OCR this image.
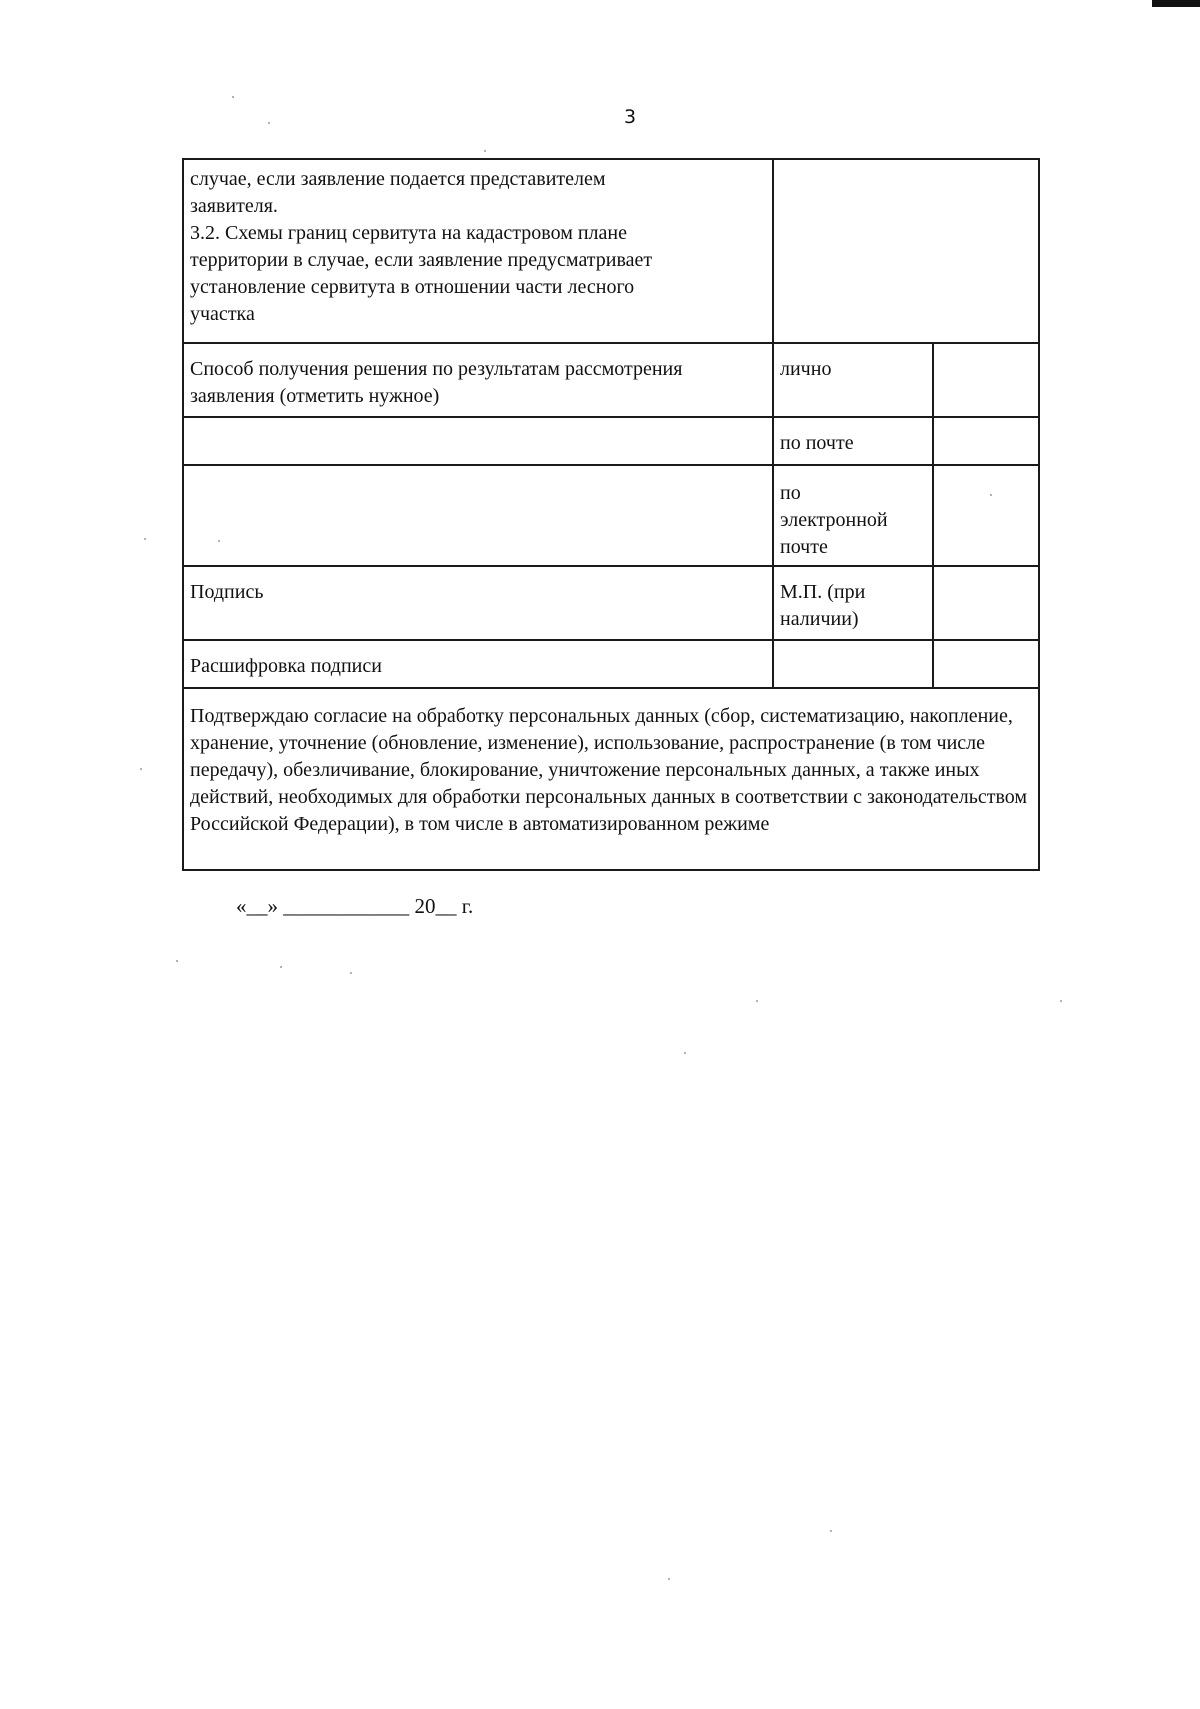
3
случае, если заявление подается представителем заявителя.
3.2. Схемы границ сервитута на кадастровом плане территории в случае, если заявление предусматривает установление сервитута в отношении части лесного участка		
Способ получения решения по результатам рассмотрения заявления (отметить нужное)	лично	
	по почте	
	по электронной почте	
Подпись	М.П. (при наличии)	
Расшифровка подписи		
Подтверждаю согласие на обработку персональных данных (сбор, систематизацию, накопление, хранение, уточнение (обновление, изменение), использование, распространение (в том числе передачу), обезличивание, блокирование, уничтожение персональных данных, а также иных действий, необходимых для обработки персональных данных в соответствии с законодательством Российской Федерации), в том числе в автоматизированном режиме		
«__» ____________ 20__ г.
